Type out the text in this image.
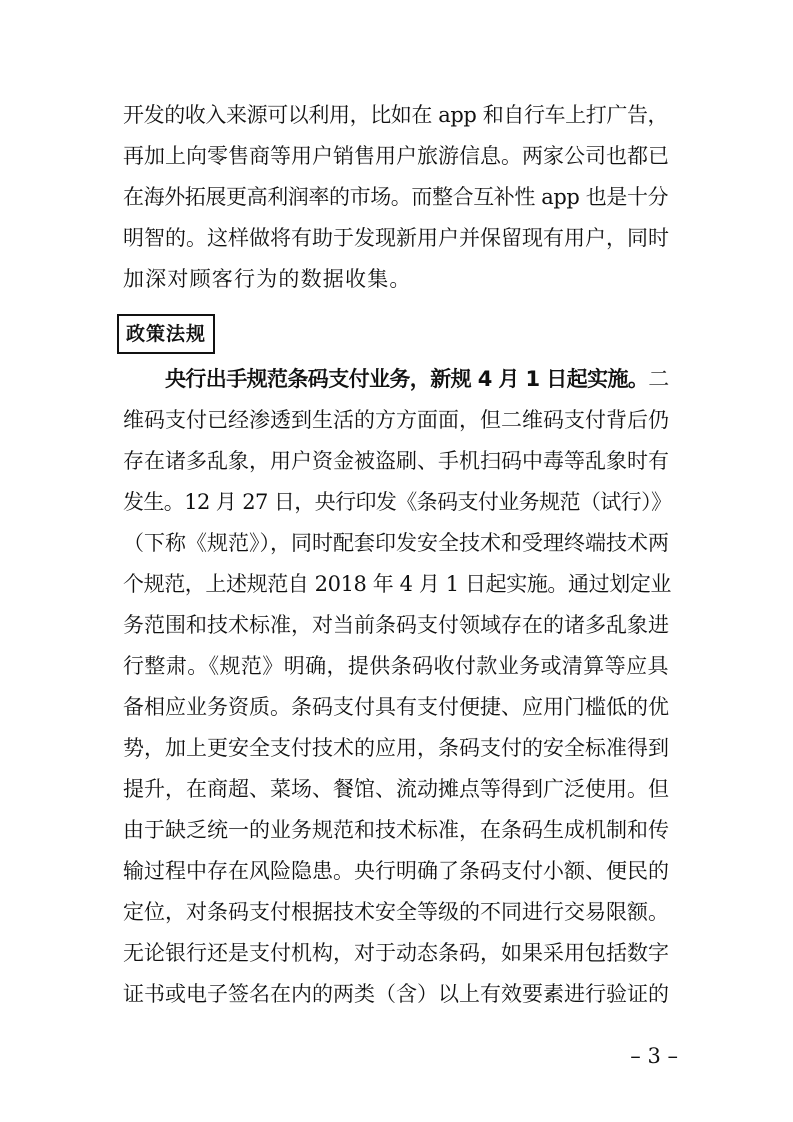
开发的收入来源可以利用，比如在 app 和自行车上打广告，
再加上向零售商等用户销售用户旅游信息。两家公司也都已
在海外拓展更高利润率的市场。而整合互补性 app 也是十分
明智的。这样做将有助于发现新用户并保留现有用户，同时
加深对顾客行为的数据收集。
政策法规
央行出手规范条码支付业务，新规 4 月 1 日起实施。二
维码支付已经渗透到生活的方方面面，但二维码支付背后仍
存在诸多乱象，用户资金被盗刷、手机扫码中毒等乱象时有
发生。12 月 27 日，央行印发《条码支付业务规范（试行）》
（下称《规范》），同时配套印发安全技术和受理终端技术两
个规范，上述规范自 2018 年 4 月 1 日起实施。通过划定业
务范围和技术标准，对当前条码支付领域存在的诸多乱象进
行整肃。《规范》明确，提供条码收付款业务或清算等应具
备相应业务资质。条码支付具有支付便捷、应用门槛低的优
势，加上更安全支付技术的应用，条码支付的安全标准得到
提升，在商超、菜场、餐馆、流动摊点等得到广泛使用。但
由于缺乏统一的业务规范和技术标准，在条码生成机制和传
输过程中存在风险隐患。央行明确了条码支付小额、便民的
定位，对条码支付根据技术安全等级的不同进行交易限额。
无论银行还是支付机构，对于动态条码，如果采用包括数字
证书或电子签名在内的两类（含）以上有效要素进行验证的
– 3 –
